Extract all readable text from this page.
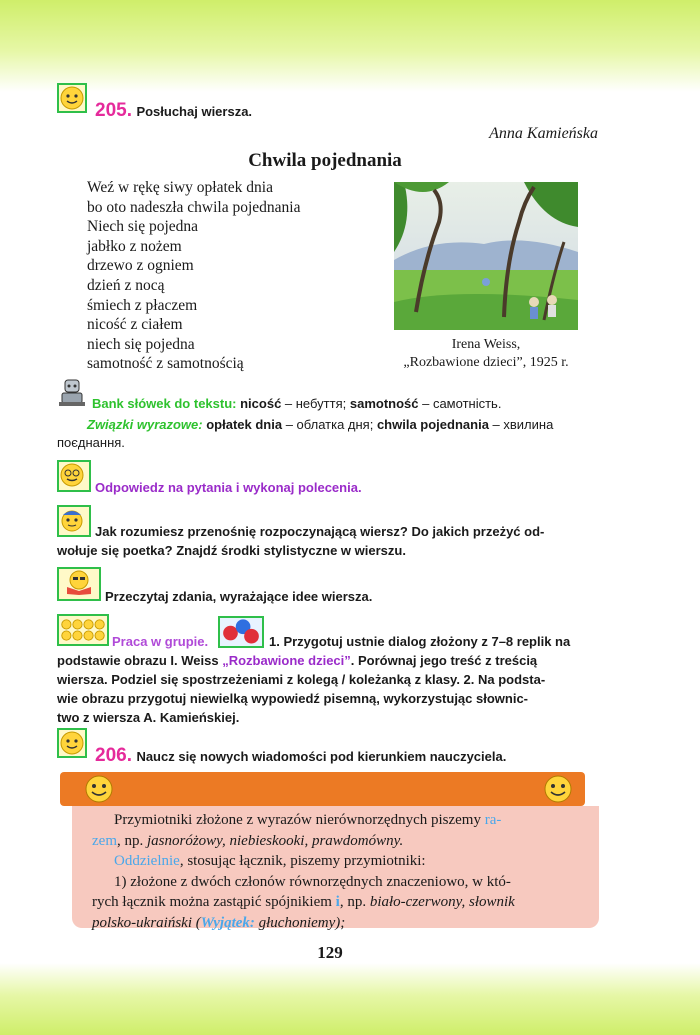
205. Posłuchaj wiersza.
Anna Kamieńska
Chwila pojednania
Weź w rękę siwy opłatek dnia
bo oto nadeszła chwila pojednania
Niech się pojedna
jabłko z nożem
drzewo z ogniem
dzień z nocą
śmiech z płaczem
nicość z ciałem
niech się pojedna
samotność z samotnością
Irena Weiss,
„Rozbawione dzieci”, 1925 r.
Bank słówek do tekstu: nicość – небуття; samotność – самотність.
Związki wyrazowe: opłatek dnia – облатка дня; chwila pojednania – хвилина поєднання.
Odpowiedz na pytania i wykonaj polecenia.
Jak rozumiesz przenośnię rozpoczynającą wiersz? Do jakich przeżyć od-
wołuje się poetka? Znajdź środki stylistyczne w wierszu.
Przeczytaj zdania, wyrażające idee wiersza.
Praca w grupie.	1. Przygotuj ustnie dialog złożony z 7–8 replik na
podstawie obrazu I. Weiss „Rozbawione dzieci”. Porównaj jego treść z treścią
wiersza. Podziel się spostrzeżeniami z kolegą / koleżanką z klasy. 2. Na podsta-
wie obrazu przygotuj niewielką wypowiedź pisemną, wykorzystując słownic-
two z wiersza A. Kamieńskiej.
206. Naucz się nowych wiadomości pod kierunkiem nauczyciela.
Przymiotniki złożone z wyrazów nierównorzędnych piszemy ra-
zem, np. jasnoróżowy, niebieskooki, prawdomówny.
Oddzielnie, stosując łącznik, piszemy przymiotniki:
1) złożone z dwóch członów równorzędnych znaczeniowo, w któ-
rych łącznik można zastąpić spójnikiem i, np. biało-czerwony, słownik
polsko-ukraiński (Wyjątek: głuchoniemy);
129
